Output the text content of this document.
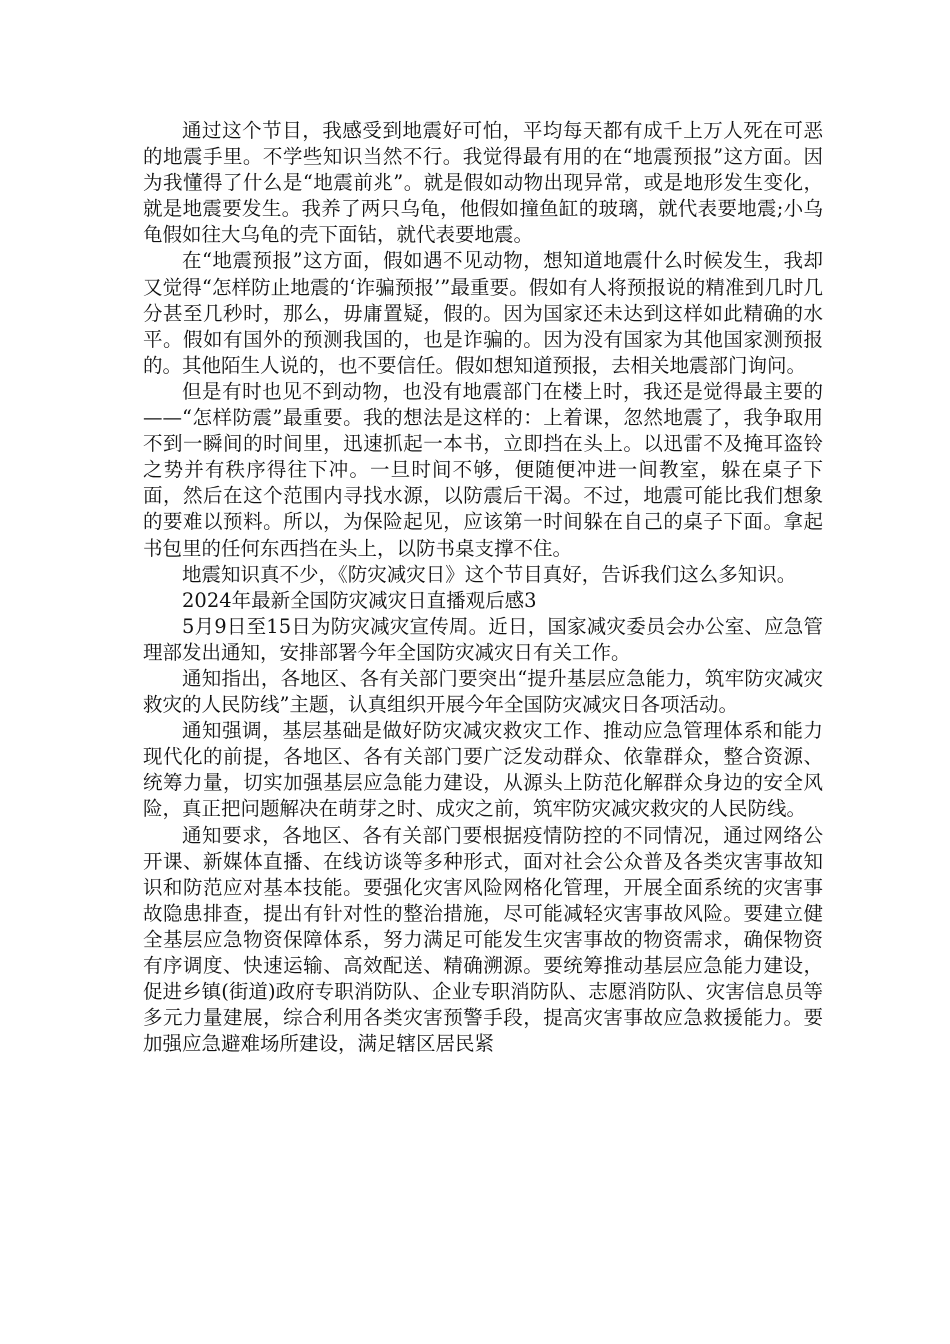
通过这个节目，我感受到地震好可怕，平均每天都有成千上万人死在可恶的地震手里。不学些知识当然不行。我觉得最有用的在“地震预报”这方面。因为我懂得了什么是“地震前兆”。就是假如动物出现异常，或是地形发生变化，就是地震要发生。我养了两只乌龟，他假如撞鱼缸的玻璃，就代表要地震;小乌龟假如往大乌龟的壳下面钻，就代表要地震。

在“地震预报”这方面，假如遇不见动物，想知道地震什么时候发生，我却又觉得“怎样防止地震的‘诈骗预报’”最重要。假如有人将预报说的精准到几时几分甚至几秒时，那么，毋庸置疑，假的。因为国家还未达到这样如此精确的水平。假如有国外的预测我国的，也是诈骗的。因为没有国家为其他国家测预报的。其他陌生人说的，也不要信任。假如想知道预报，去相关地震部门询问。

但是有时也见不到动物，也没有地震部门在楼上时，我还是觉得最主要的——“怎样防震”最重要。我的想法是这样的：上着课，忽然地震了，我争取用不到一瞬间的时间里，迅速抓起一本书，立即挡在头上。以迅雷不及掩耳盗铃之势并有秩序得往下冲。一旦时间不够，便随便冲进一间教室，躲在桌子下面，然后在这个范围内寻找水源，以防震后干渴。不过，地震可能比我们想象的要难以预料。所以，为保险起见，应该第一时间躲在自己的桌子下面。拿起书包里的任何东西挡在头上，以防书桌支撑不住。

地震知识真不少，《防灾减灾日》这个节目真好，告诉我们这么多知识。

2024年最新全国防灾减灾日直播观后感3

5月9日至15日为防灾减灾宣传周。近日，国家减灾委员会办公室、应急管理部发出通知，安排部署今年全国防灾减灾日有关工作。

通知指出，各地区、各有关部门要突出“提升基层应急能力，筑牢防灾减灾救灾的人民防线”主题，认真组织开展今年全国防灾减灾日各项活动。

通知强调，基层基础是做好防灾减灾救灾工作、推动应急管理体系和能力现代化的前提，各地区、各有关部门要广泛发动群众、依靠群众，整合资源、统筹力量，切实加强基层应急能力建设，从源头上防范化解群众身边的安全风险，真正把问题解决在萌芽之时、成灾之前，筑牢防灾减灾救灾的人民防线。

通知要求，各地区、各有关部门要根据疫情防控的不同情况，通过网络公开课、新媒体直播、在线访谈等多种形式，面对社会公众普及各类灾害事故知识和防范应对基本技能。要强化灾害风险网格化管理，开展全面系统的灾害事故隐患排查，提出有针对性的整治措施，尽可能减轻灾害事故风险。要建立健全基层应急物资保障体系，努力满足可能发生灾害事故的物资需求，确保物资有序调度、快速运输、高效配送、精确溯源。要统筹推动基层应急能力建设，促进乡镇(街道)政府专职消防队、企业专职消防队、志愿消防队、灾害信息员等多元力量建展，综合利用各类灾害预警手段，提高灾害事故应急救援能力。要加强应急避难场所建设，满足辖区居民紧
